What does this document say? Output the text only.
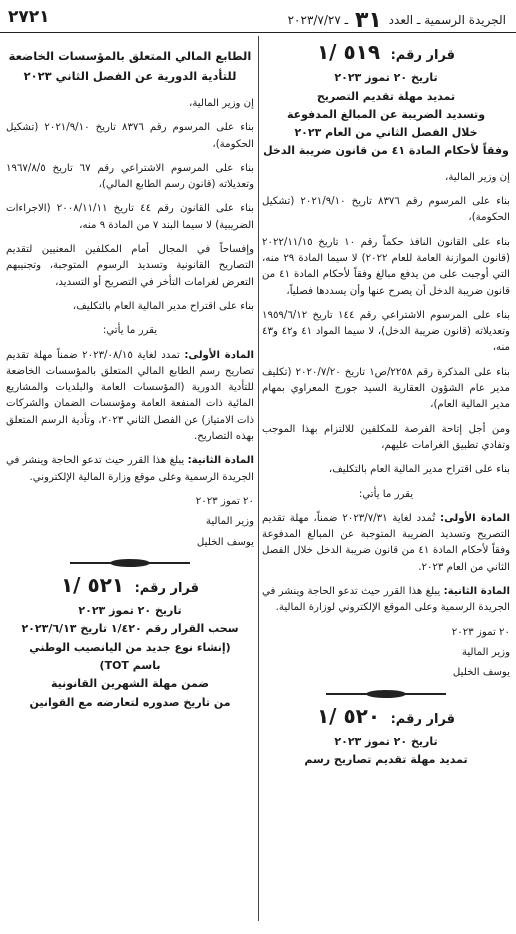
الجريدة الرسمية ـ العدد ٣١ ـ ٢٠٢٣/٧/٢٧
٢٧٢١
قرار رقم: ٥١٩ /١
تاريخ ٢٠ تموز ٢٠٢٣
تمديد مهلة تقديم التصريح
وتسديد الضريبة عن المبالغ المدفوعة
خلال الفصل الثاني من العام ٢٠٢٣
وفقاً لأحكام المادة ٤١ من قانون ضريبة الدخل

إن وزير المالية،

بناء على المرسوم رقم ٨٣٧٦ تاريخ ٢٠٢١/٩/١٠ (تشكيل الحكومة)،

بناء على القانون النافذ حكماً رقم ١٠ تاريخ ٢٠٢٢/١١/١٥ (قانون الموازنة العامة للعام ٢٠٢٢) لا سيما المادة ٢٩ منه، التي أوجبت على من يدفع مبالغ وفقاً لأحكام المادة ٤١ من قانون ضريبة الدخل أن يصرح عنها وأن يسددها فصلياً،

بناء على المرسوم الاشتراعي رقم ١٤٤ تاريخ ١٩٥٩/٦/١٢ وتعديلاته (قانون ضريبة الدخل)، لا سيما المواد ٤١ و٤٢ و٤٣ منه،

بناء على المذكرة رقم ٢٢٥٨/ص١ تاريخ ٢٠٢٠/٧/٢٠ (تكليف مدير عام الشؤون العقارية السيد جورج المعراوي بمهام مدير المالية العام)،

ومن أجل إتاحة الفرصة للمكلفين للالتزام بهذا الموجب وتفادي تطبيق الغرامات عليهم،

بناء على اقتراح مدير المالية العام بالتكليف،

يقرر ما يأتي:

المادة الأولى: تُمدد لغاية ٢٠٢٣/٧/٣١ ضمناً، مهلة تقديم التصريح وتسديد الضريبة المتوجبة عن المبالغ المدفوعة وفقاً لأحكام المادة ٤١ من قانون ضريبة الدخل خلال الفصل الثاني من العام ٢٠٢٣.

المادة الثانية: يبلغ هذا القرر حيث تدعو الحاجة وينشر في الجريدة الرسمية وعلى الموقع الإلكتروني لوزارة المالية.

٢٠ تموز ٢٠٢٣

وزير المالية

يوسف الخليل

قرار رقم: ٥٢٠ /١
تاريخ ٢٠ تموز ٢٠٢٣
تمديد مهلة تقديم تصاريح رسم
الطابع المالي المتعلق بالمؤسسات الخاضعة للتأدية الدورية عن الفصل الثاني ٢٠٢٣

إن وزير المالية،

بناء على المرسوم رقم ٨٣٧٦ تاريخ ٢٠٢١/٩/١٠ (تشكيل الحكومة)،

بناء على المرسوم الاشتراعي رقم ٦٧ تاريخ ١٩٦٧/٨/٥ وتعديلاته (قانون رسم الطابع المالي)،

بناء على القانون رقم ٤٤ تاريخ ٢٠٠٨/١١/١١ (الاجراءات الضريبية) لا سيما البند ٧ من المادة ٩ منه،

وإفساحاً في المجال أمام المكلفين المعنيين لتقديم التصاريح القانونية وتسديد الرسوم المتوجبة، وتجنيبهم التعرض لغرامات التأخر في التصريح أو التسديد،

بناء على اقتراح مدير المالية العام بالتكليف،

يقرر ما يأتي:

المادة الأولى: تمدد لغاية ٢٠٢٣/٠٨/١٥ ضمناً مهلة تقديم تصاريح رسم الطابع المالي المتعلق بالمؤسسات الخاضعة للتأدية الدورية (المؤسسات العامة والبلديات والمشاريع المائية ذات المنفعة العامة ومؤسسات الضمان والشركات ذات الامتياز) عن الفصل الثاني ٢٠٢٣، وتأدية الرسم المتعلق بهذه التصاريح.

المادة الثانية: يبلغ هذا القرر حيث تدعو الحاجة وينشر في الجريدة الرسمية وعلى موقع وزارة المالية الإلكتروني.

٢٠ تموز ٢٠٢٣

وزير المالية

يوسف الخليل

قرار رقم: ٥٢١ /١
تاريخ ٢٠ تموز ٢٠٢٣
سحب القرار رقم ١/٤٢٠ تاريخ ٢٠٢٣/٦/١٣
(إنشاء نوع جديد من اليانصيب الوطني
باسم TOT)
ضمن مهلة الشهرين القانونية
من تاريخ صدوره لتعارضه مع القوانين
